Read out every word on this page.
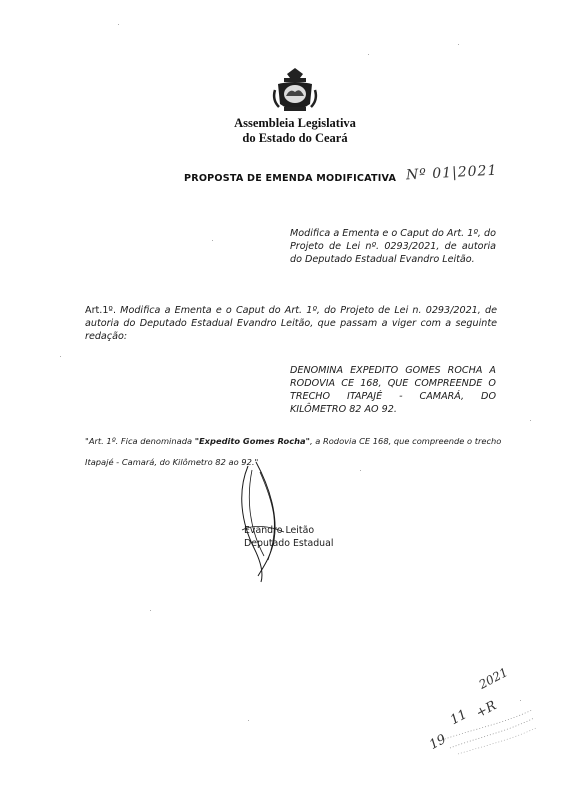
Assembleia Legislativa
do Estado do Ceará
PROPOSTA DE EMENDA MODIFICATIVA Nº 01|2021
Modifica a Ementa e o Caput do Art. 1º, do Projeto de Lei nº. 0293/2021, de autoria do Deputado Estadual Evandro Leitão.
Art.1º. Modifica a Ementa e o Caput do Art. 1º, do Projeto de Lei n. 0293/2021, de autoria do Deputado Estadual Evandro Leitão, que passam a viger com a seguinte redação:
DENOMINA EXPEDITO GOMES ROCHA A RODOVIA CE 168, QUE COMPREENDE O TRECHO ITAPAJÉ - CAMARÁ, DO KILÔMETRO 82 AO 92.
"Art. 1º. Fica denominada "Expedito Gomes Rocha", a Rodovia CE 168, que compreende o trecho Itapajé - Camará, do Kilômetro 82 ao 92."
Evandro Leitão
Deputado Estadual
19
11
2021
+R
